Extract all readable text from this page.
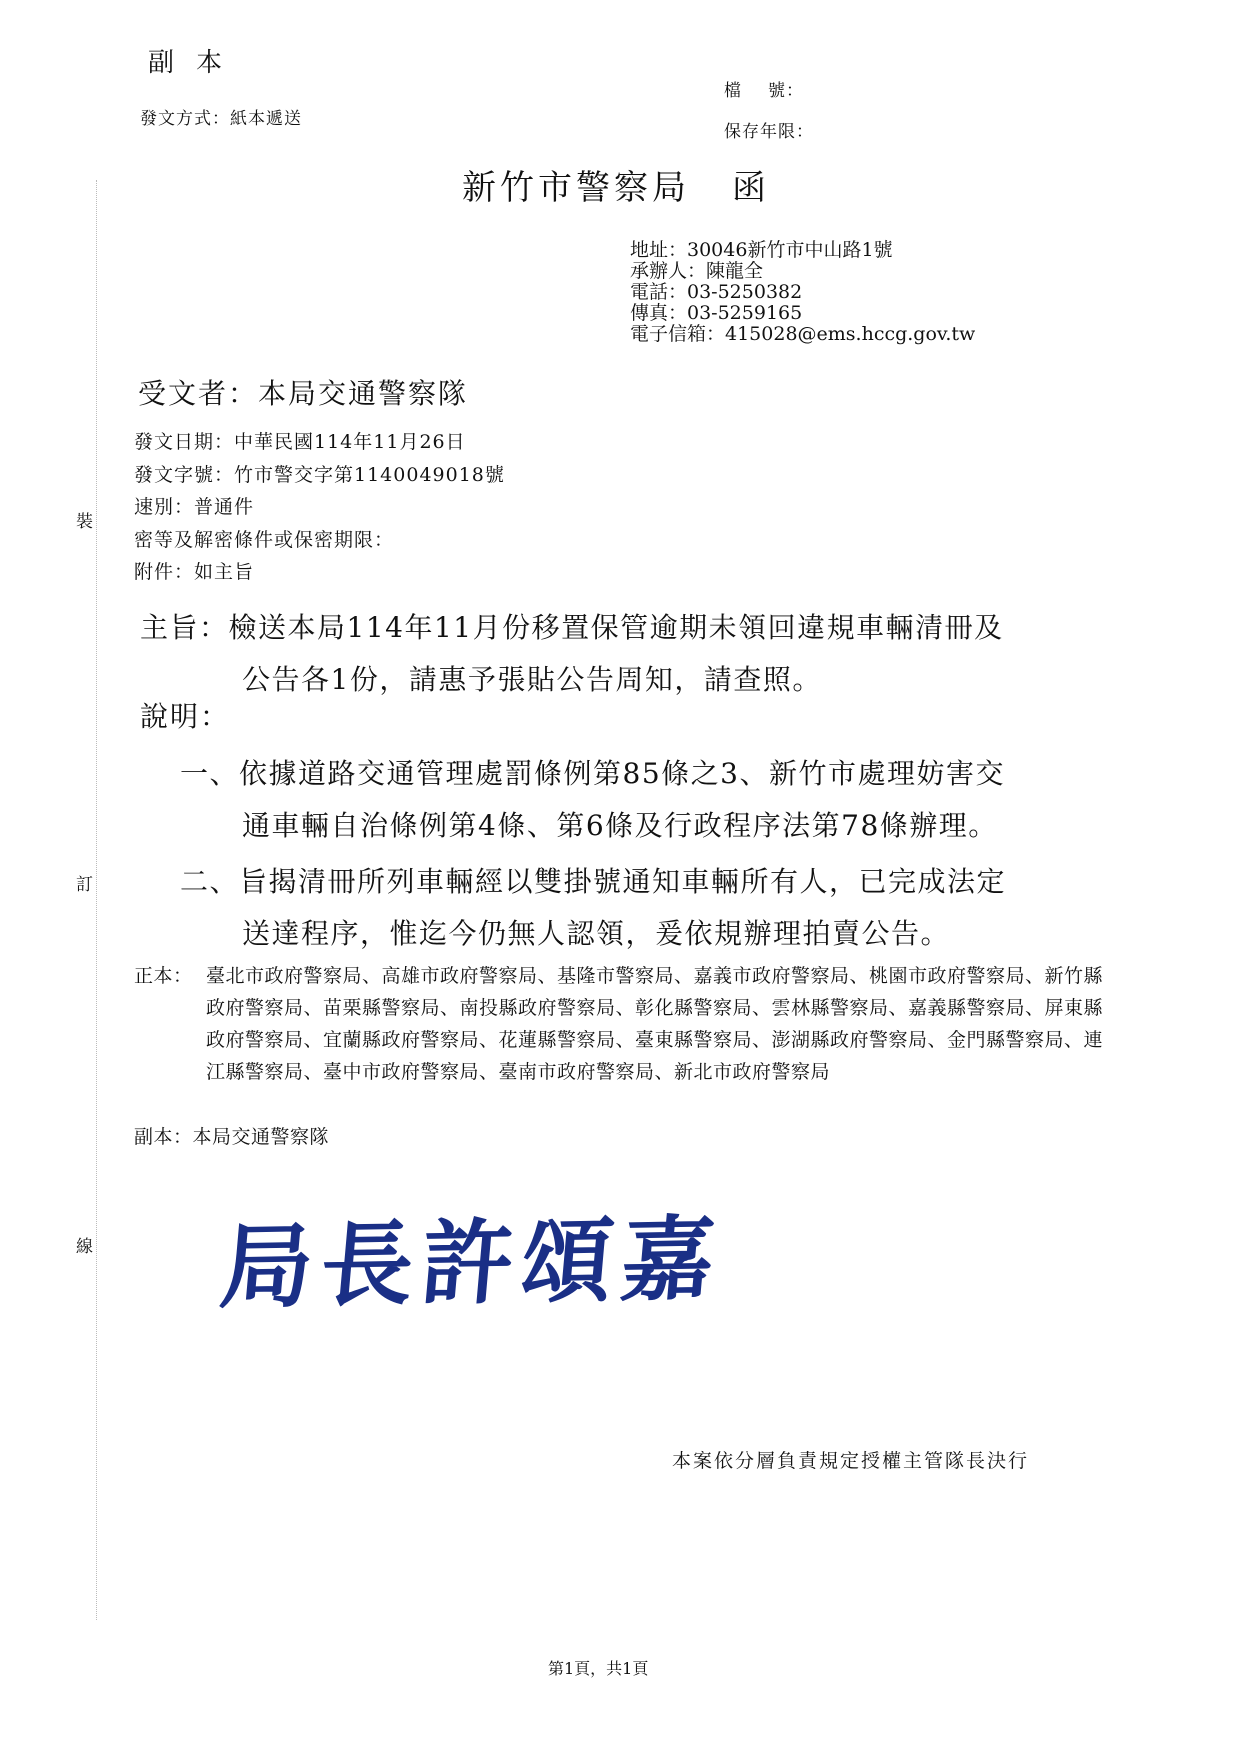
裝
訂
線
副本
發文方式：紙本遞送
檔 號：
保存年限：
新竹市警察局 函
地址：30046新竹市中山路1號
承辦人：陳龍全
電話：03-5250382
傳真：03-5259165
電子信箱：415028@ems.hccg.gov.tw
受文者：本局交通警察隊
發文日期：中華民國114年11月26日
發文字號：竹市警交字第1140049018號
速別：普通件
密等及解密條件或保密期限：
附件：如主旨
主旨：檢送本局114年11月份移置保管逾期未領回違規車輛清冊及
公告各1份，請惠予張貼公告周知，請查照。
說明：
一、依據道路交通管理處罰條例第85條之3、新竹市處理妨害交
通車輛自治條例第4條、第6條及行政程序法第78條辦理。
二、旨揭清冊所列車輛經以雙掛號通知車輛所有人，已完成法定
送達程序，惟迄今仍無人認領，爰依規辦理拍賣公告。
正本： 臺北市政府警察局、高雄市政府警察局、基隆市警察局、嘉義市政府警察局、桃園市政府警察局、新竹縣政府警察局、苗栗縣警察局、南投縣政府警察局、彰化縣警察局、雲林縣警察局、嘉義縣警察局、屏東縣政府警察局、宜蘭縣政府警察局、花蓮縣警察局、臺東縣警察局、澎湖縣政府警察局、金門縣警察局、連江縣警察局、臺中市政府警察局、臺南市政府警察局、新北市政府警察局
副本：本局交通警察隊
局長許頌嘉
本案依分層負責規定授權主管隊長決行
第1頁，共1頁
